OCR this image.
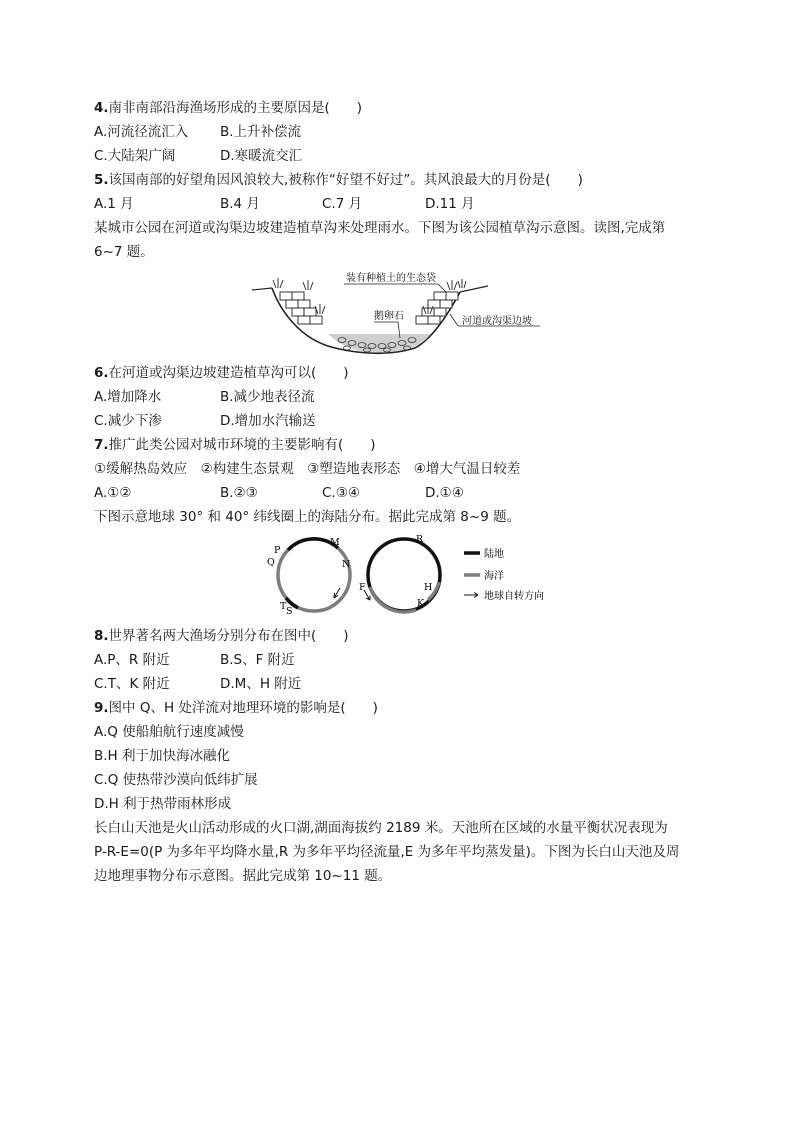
4.南非南部沿海渔场形成的主要原因是(　　)
A.河流径流汇入 B.上升补偿流
C.大陆架广阔	D.寒暖流交汇
5.该国南部的好望角因风浪较大,被称作“好望不好过”。其风浪最大的月份是(　　)
A.1 月	B.4 月	C.7 月	D.11 月
某城市公园在河道或沟渠边坡建造植草沟来处理雨水。下图为该公园植草沟示意图。读图,完成第
6~7 题。
装有种植土的生态袋
鹅卵石	河道或沟渠边坡
6.在河道或沟渠边坡建造植草沟可以(　　)
A.增加降水	B.减少地表径流
C.减少下渗	D.增加水汽输送
7.推广此类公园对城市环境的主要影响有(　　)
①缓解热岛效应　②构建生态景观　③塑造地表形态　④增大气温日较差
A.①②	B.②③	C.③④	D.①④
下图示意地球 30° 和 40° 纬线圈上的海陆分布。据此完成第 8~9 题。
P
Q
M
N
T S
R
F	H
K
陆地
海洋
地球自转方向
8.世界著名两大渔场分别分布在图中(　　)
A.P、R 附近	B.S、F 附近
C.T、K 附近	D.M、H 附近
9.图中 Q、H 处洋流对地理环境的影响是(　　)
A.Q 使船舶航行速度减慢
B.H 利于加快海冰融化
C.Q 使热带沙漠向低纬扩展
D.H 利于热带雨林形成
长白山天池是火山活动形成的火口湖,湖面海拔约 2189 米。天池所在区域的水量平衡状况表现为
P-R-E=0(P 为多年平均降水量,R 为多年平均径流量,E 为多年平均蒸发量)。下图为长白山天池及周
边地理事物分布示意图。据此完成第 10~11 题。
